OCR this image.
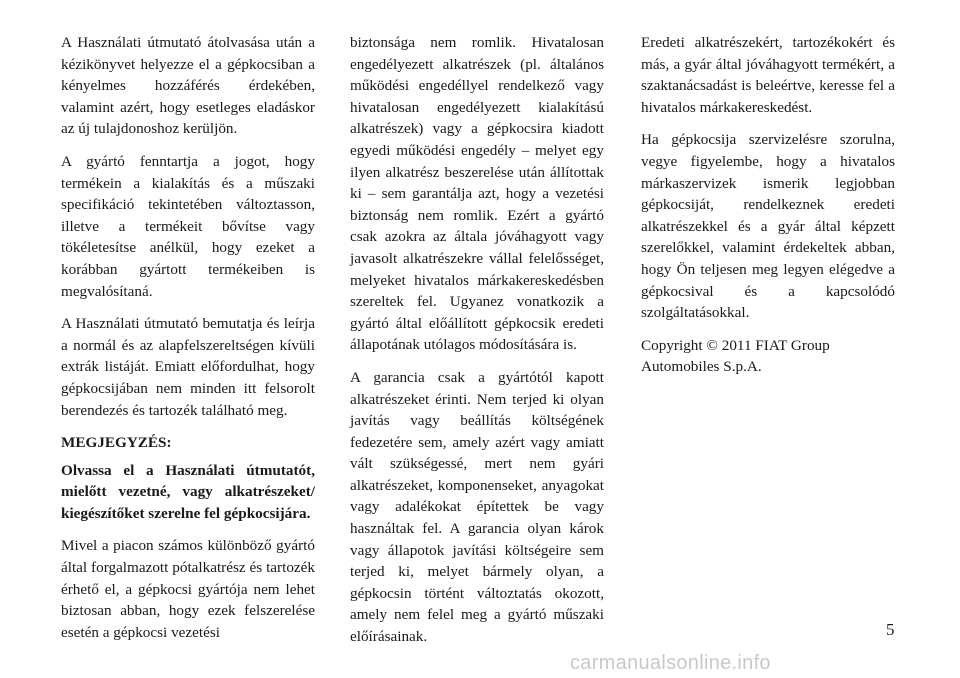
A Használati útmutató átolvasása után a kézikönyvet helyezze el a gépkocsiban a kényelmes hozzáférés érdekében, valamint azért, hogy esetleges eladáskor az új tulajdonoshoz kerüljön.

A gyártó fenntartja a jogot, hogy termékein a kialakítás és a műszaki specifikáció tekintetében változtasson, illetve a termékeit bővítse vagy tökéletesítse anélkül, hogy ezeket a korábban gyártott termékeiben is megvalósítaná.

A Használati útmutató bemutatja és leírja a normál és az alapfelszereltségen kívüli extrák listáját. Emiatt előfordulhat, hogy gépkocsijában nem minden itt felsorolt berendezés és tartozék található meg.

MEGJEGYZÉS:

Olvassa el a Használati útmutatót, mielőtt vezetné, vagy alkatrészeket/ kiegészítőket szerelne fel gépkocsijára.

Mivel a piacon számos különböző gyártó által forgalmazott pótalkatrész és tartozék érhető el, a gépkocsi gyártója nem lehet biztosan abban, hogy ezek felszerelése esetén a gépkocsi vezetési

biztonsága nem romlik. Hivatalosan engedélyezett alkatrészek (pl. általános működési engedéllyel rendelkező vagy hivatalosan engedélyezett kialakítású alkatrészek) vagy a gépkocsira kiadott egyedi működési engedély – melyet egy ilyen alkatrész beszerelése után állítottak ki – sem garantálja azt, hogy a vezetési biztonság nem romlik. Ezért a gyártó csak azokra az általa jóváhagyott vagy javasolt alkatrészekre vállal felelősséget, melyeket hivatalos márkakereskedésben szereltek fel. Ugyanez vonatkozik a gyártó által előállított gépkocsik eredeti állapotának utólagos módosítására is.

A garancia csak a gyártótól kapott alkatrészeket érinti. Nem terjed ki olyan javítás vagy beállítás költségének fedezetére sem, amely azért vagy amiatt vált szükségessé, mert nem gyári alkatrészeket, komponenseket, anyagokat vagy adalékokat építettek be vagy használtak fel. A garancia olyan károk vagy állapotok javítási költségeire sem terjed ki, melyet bármely olyan, a gépkocsin történt változtatás okozott, amely nem felel meg a gyártó műszaki előírásainak.

Eredeti alkatrészekért, tartozékokért és más, a gyár által jóváhagyott termékért, a szaktanácsadást is beleértve, keresse fel a hivatalos márkakereskedést.

Ha gépkocsija szervizelésre szorulna, vegye figyelembe, hogy a hivatalos márkaszervizek ismerik legjobban gépkocsiját, rendelkeznek eredeti alkatrészekkel és a gyár által képzett szerelőkkel, valamint érdekeltek abban, hogy Ön teljesen meg legyen elégedve a gépkocsival és a kapcsolódó szolgáltatásokkal.

Copyright © 2011 FIAT Group Automobiles S.p.A.

5
carmanualsonline.info
